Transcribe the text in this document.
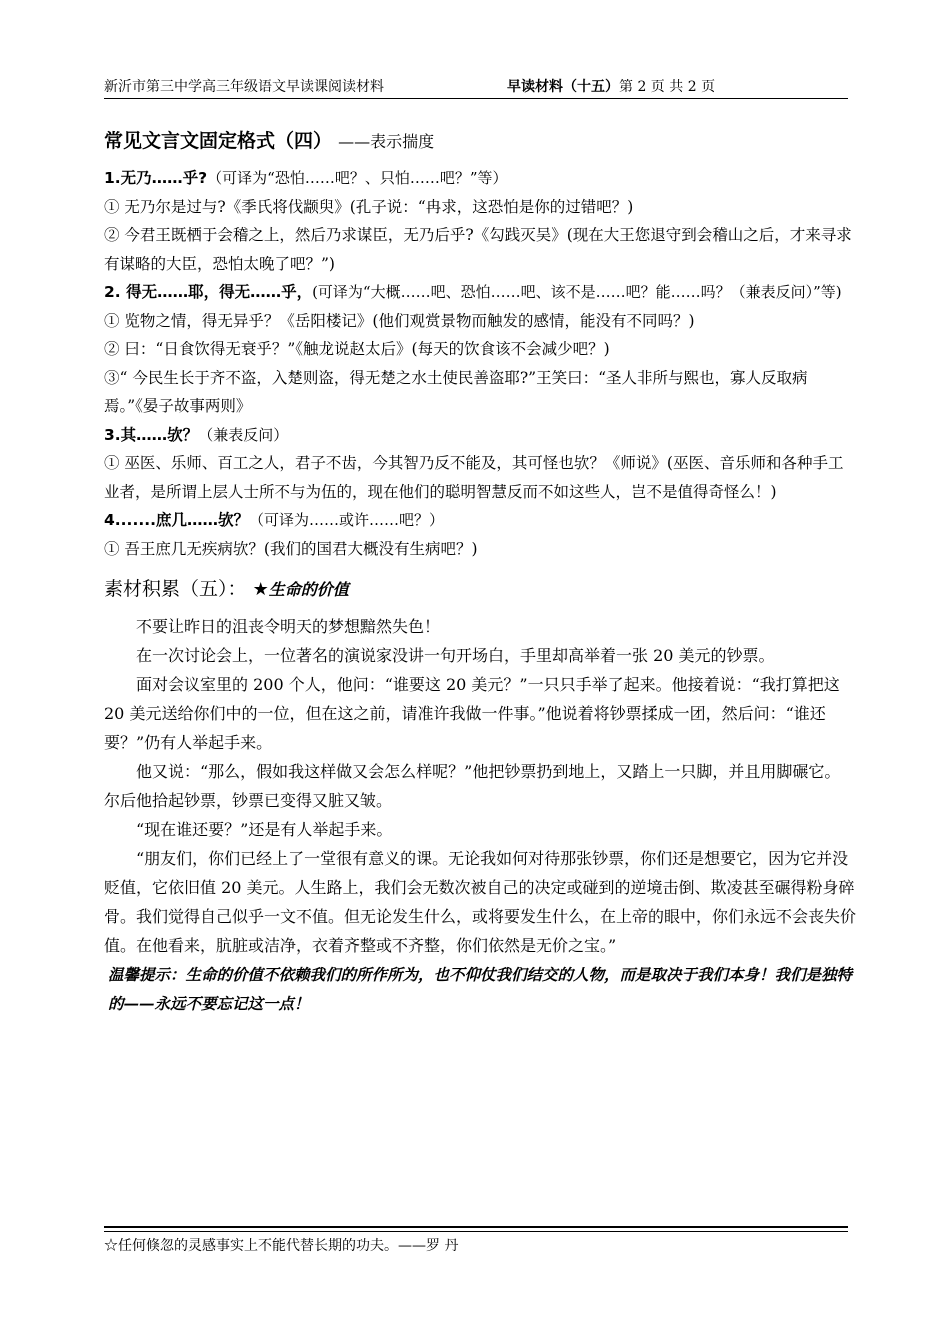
新沂市第三中学高三年级语文早读课阅读材料	早读材料（十五）第 2 页 共 2 页
常见文言文固定格式（四） ——表示揣度

1.无乃……乎?（可译为“恐怕……吧？、只怕……吧？”等）

① 无乃尔是过与?《季氏将伐颛臾》(孔子说：“冉求，这恐怕是你的过错吧？)

② 今君王既栖于会稽之上，然后乃求谋臣，无乃后乎?《勾践灭吴》(现在大王您退守到会稽山之后，才来寻求有谋略的大臣，恐怕太晚了吧？”)

2. 得无……耶，得无……乎，(可译为“大概……吧、恐怕……吧、该不是……吧？能……吗？（兼表反问）”等)

① 览物之情，得无异乎？《岳阳楼记》(他们观赏景物而触发的感情，能没有不同吗？)

② 曰：“日食饮得无衰乎？”《触龙说赵太后》(每天的饮食该不会减少吧？)

③“ 今民生长于齐不盗，入楚则盗，得无楚之水土使民善盗耶?”王笑曰：“圣人非所与熙也，寡人反取病焉。”《晏子故事两则》

3.其……欤？（兼表反问）

① 巫医、乐师、百工之人，君子不齿，今其智乃反不能及，其可怪也欤？《师说》(巫医、音乐师和各种手工业者，是所谓上层人士所不与为伍的，现在他们的聪明智慧反而不如这些人，岂不是值得奇怪么！)

4.......庶几……欤？（可译为……或许……吧？）

① 吾王庶几无疾病欤？(我们的国君大概没有生病吧？)

素材积累（五）： ★生命的价值

不要让昨日的沮丧令明天的梦想黯然失色！

在一次讨论会上，一位著名的演说家没讲一句开场白，手里却高举着一张 20 美元的钞票。

面对会议室里的 200 个人，他问：“谁要这 20 美元？”一只只手举了起来。他接着说：“我打算把这 20 美元送给你们中的一位，但在这之前，请准许我做一件事。”他说着将钞票揉成一团，然后问：“谁还要？”仍有人举起手来。

他又说：“那么，假如我这样做又会怎么样呢？”他把钞票扔到地上，又踏上一只脚，并且用脚碾它。尔后他拾起钞票，钞票已变得又脏又皱。

“现在谁还要？”还是有人举起手来。

“朋友们，你们已经上了一堂很有意义的课。无论我如何对待那张钞票，你们还是想要它，因为它并没贬值，它依旧值 20 美元。人生路上，我们会无数次被自己的决定或碰到的逆境击倒、欺凌甚至碾得粉身碎骨。我们觉得自己似乎一文不值。但无论发生什么，或将要发生什么，在上帝的眼中，你们永远不会丧失价值。在他看来，肮脏或洁净，衣着齐整或不齐整，你们依然是无价之宝。”

温馨提示：生命的价值不依赖我们的所作所为，也不仰仗我们结交的人物，而是取决于我们本身！我们是独特的——永远不要忘记这一点！

☆任何倏忽的灵感事实上不能代替长期的功夫。——罗 丹
